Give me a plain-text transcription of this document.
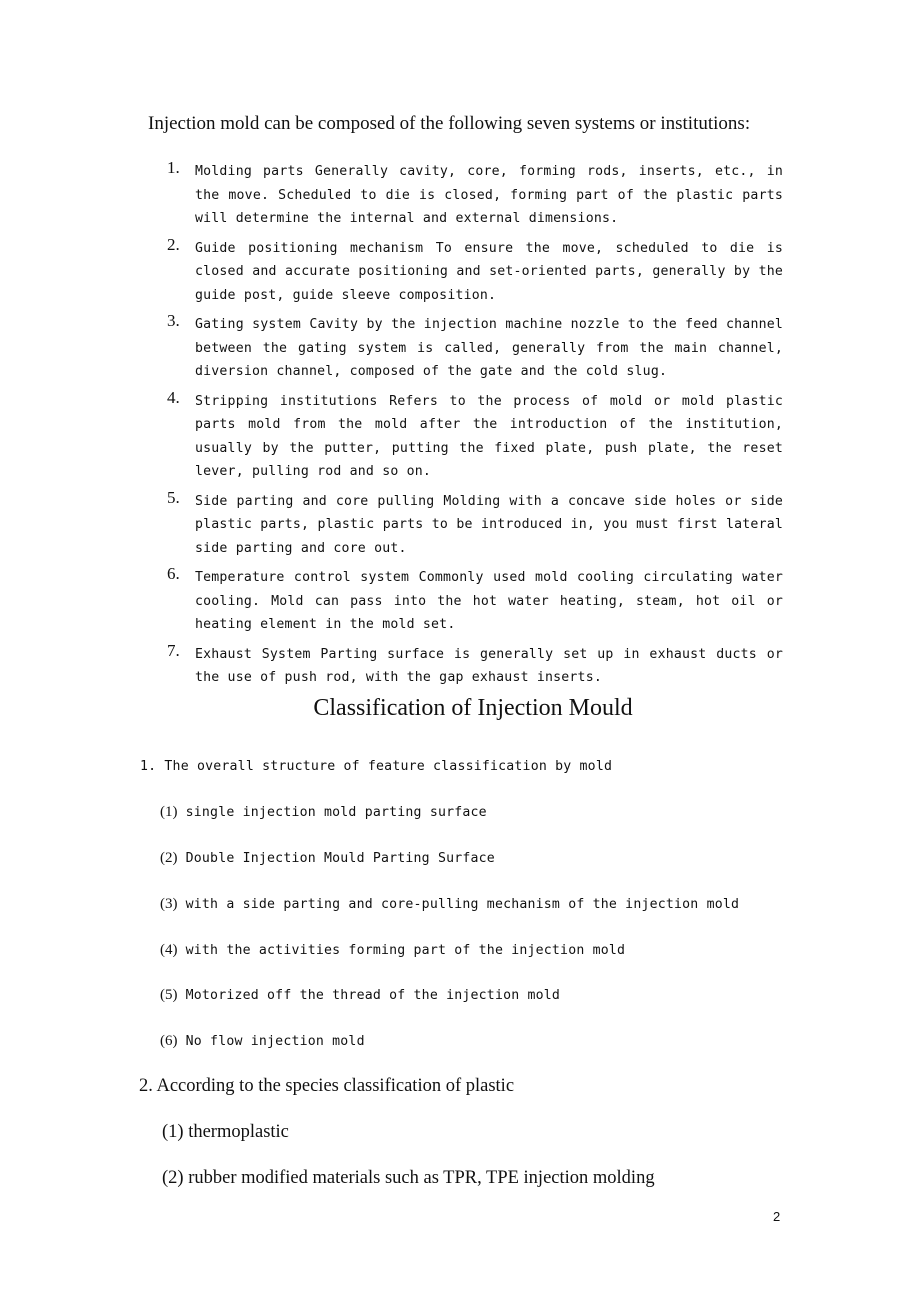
Injection mold can be composed of the following seven systems or institutions:
1. Molding parts Generally cavity, core, forming rods, inserts, etc., in the move. Scheduled to die is closed, forming part of the plastic parts will determine the internal and external dimensions.
2. Guide positioning mechanism To ensure the move, scheduled to die is closed and accurate positioning and set-oriented parts, generally by the guide post, guide sleeve composition.
3. Gating system Cavity by the injection machine nozzle to the feed channel between the gating system is called, generally from the main channel, diversion channel, composed of the gate and the cold slug.
4. Stripping institutions Refers to the process of mold or mold plastic parts mold from the mold after the introduction of the institution, usually by the putter, putting the fixed plate, push plate, the reset lever, pulling rod and so on.
5. Side parting and core pulling Molding with a concave side holes or side plastic parts, plastic parts to be introduced in, you must first lateral side parting and core out.
6. Temperature control system Commonly used mold cooling circulating water cooling. Mold can pass into the hot water heating, steam, hot oil or heating element in the mold set.
7. Exhaust System Parting surface is generally set up in exhaust ducts or the use of push rod, with the gap exhaust inserts.
Classification of Injection Mould
1. The overall structure of feature classification by mold
(1) single injection mold parting surface
(2) Double Injection Mould Parting Surface
(3) with a side parting and core-pulling mechanism of the injection mold
(4) with the activities forming part of the injection mold
(5) Motorized off the thread of the injection mold
(6) No flow injection mold
2. According to the species classification of plastic
(1) thermoplastic
(2) rubber modified materials such as TPR, TPE injection molding
2
